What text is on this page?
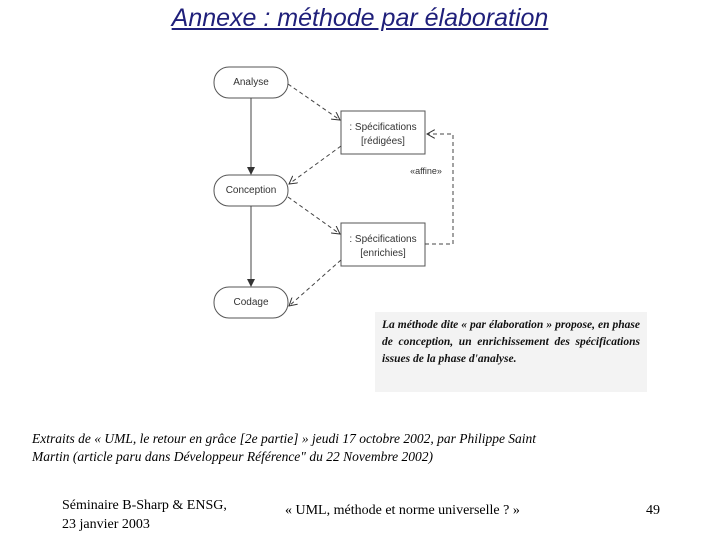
Annexe : méthode par élaboration
Analyse
Conception
Codage
: Spécifications
[rédigées]
: Spécifications
[enrichies]
«affine»
La méthode dite « par élaboration » propose, en phase de conception, un enrichissement des spécifications issues de la phase d'analyse.
Extraits de « UML, le retour en grâce [2e partie] » jeudi 17 octobre 2002, par Philippe Saint
Martin (article paru dans Développeur Référence" du 22 Novembre 2002)
Séminaire B-Sharp & ENSG,
23 janvier 2003
« UML, méthode et norme universelle ? »	49
